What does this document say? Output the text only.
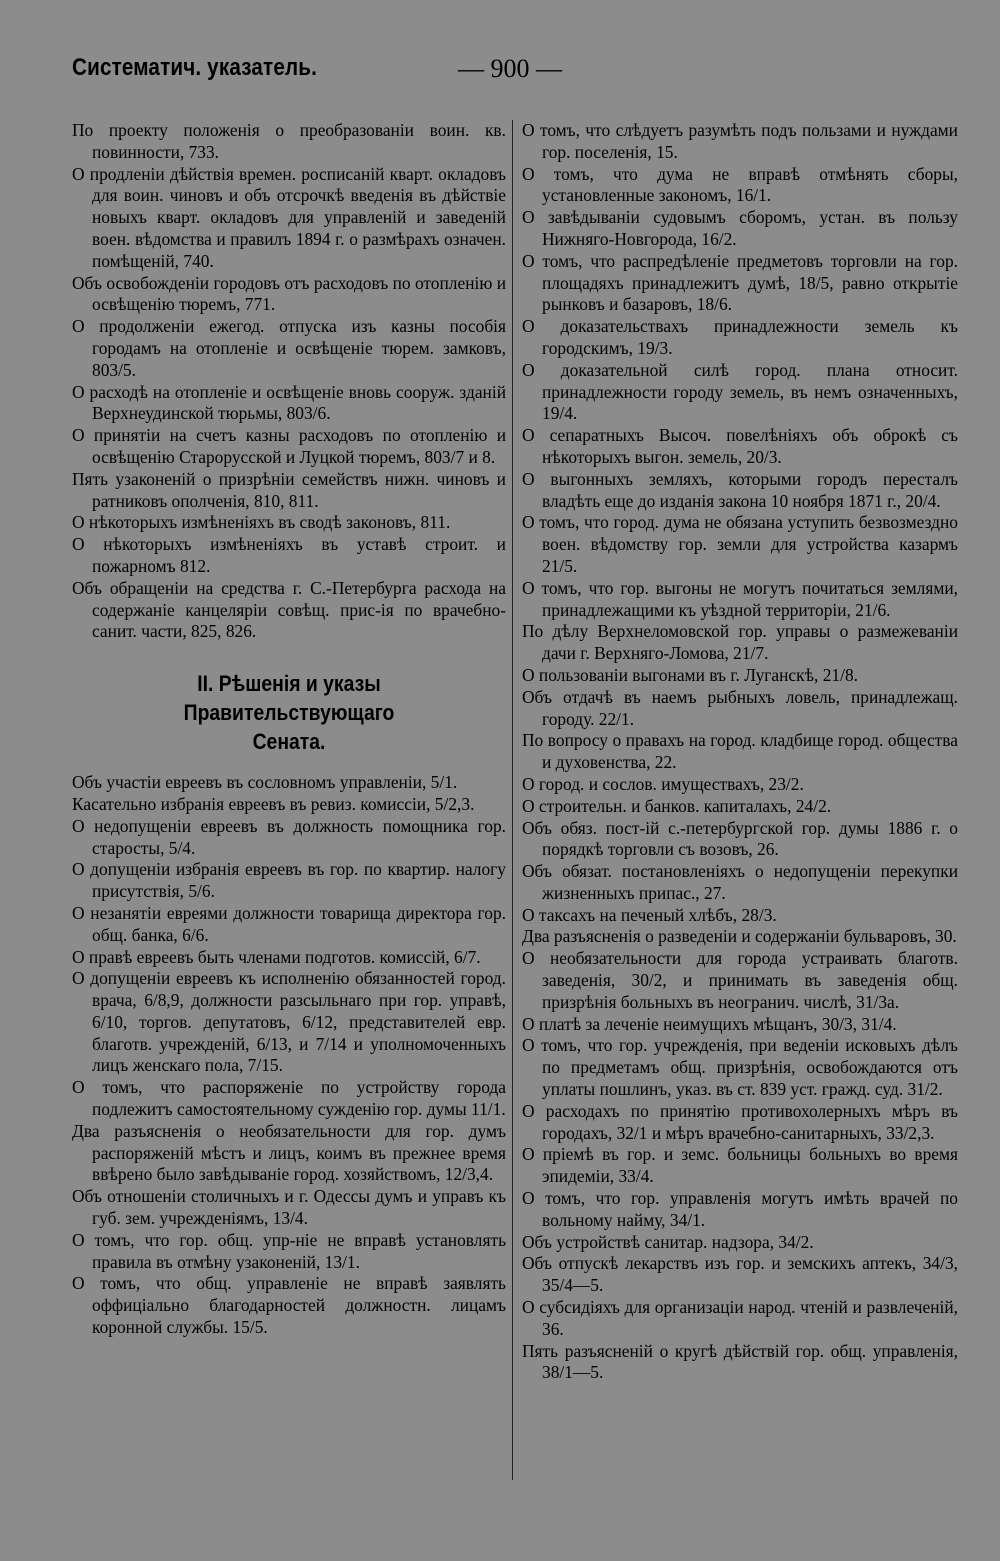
Систематич. указатель.	— 900 —

По проекту положенія о преобразованіи воин. кв. повинности, 733.

О продленіи дѣйствія времен. росписаній кварт. окладовъ для воин. чиновъ и объ отсрочкѣ введенія въ дѣйствіе новыхъ кварт. окладовъ для управленій и заведеній воен. вѣдомства и правилъ 1894 г. о размѣрахъ означен. помѣщеній, 740.

Объ освобожденіи городовъ отъ расходовъ по отопленію и освѣщенію тюремъ, 771.

О продолженіи ежегод. отпуска изъ казны пособія городамъ на отопленіе и освѣщеніе тюрем. замковъ, 803/5.

О расходѣ на отопленіе и освѣщеніе вновь сооруж. зданій Верхнеудинской тюрьмы, 803/6.

О принятіи на счетъ казны расходовъ по отопленію и освѣщенію Старорусской и Луцкой тюремъ, 803/7 и 8.

Пять узаконеній о призрѣніи семействъ нижн. чиновъ и ратниковъ ополченія, 810, 811.

О нѣкоторыхъ измѣненіяхъ въ сводѣ законовъ, 811.

О нѣкоторыхъ измѣненіяхъ въ уставѣ строит. и пожарномъ 812.

Объ обращеніи на средства г. С.-Петербурга расхода на содержаніе канцеляріи совѣщ. прис-ія по врачебно-санит. части, 825, 826.

II. Рѣшенія и указы Правительствующаго
Сената.

Объ участіи евреевъ въ сословномъ управленіи, 5/1.

Касательно избранія евреевъ въ ревиз. комиссіи, 5/2,3.

О недопущеніи евреевъ въ должность помощника гор. старосты, 5/4.

О допущеніи избранія евреевъ въ гор. по квартир. налогу присутствія, 5/6.

О незанятіи евреями должности товарища директора гор. общ. банка, 6/6.

О правѣ евреевъ быть членами подготов. комиссій, 6/7.

О допущеніи евреевъ къ исполненію обязанностей город. врача, 6/8,9, должности разсыльнаго при гор. управѣ, 6/10, торгов. депутатовъ, 6/12, представителей евр. благотв. учрежденій, 6/13, и 7/14 и уполномоченныхъ лицъ женскаго пола, 7/15.

О томъ, что распоряженіе по устройству города подлежитъ самостоятельному сужденію гор. думы 11/1.

Два разъясненія о необязательности для гор. думъ распоряженій мѣстъ и лицъ, коимъ въ прежнее время ввѣрено было завѣдываніе город. хозяйствомъ, 12/3,4.

Объ отношеніи столичныхъ и г. Одессы думъ и управъ къ губ. зем. учрежденіямъ, 13/4.

О томъ, что гор. общ. упр-ніе не вправѣ установлять правила въ отмѣну узаконеній, 13/1.

О томъ, что общ. управленіе не вправѣ заявлять оффиціально благодарностей должностн. лицамъ коронной службы. 15/5.

О томъ, что слѣдуетъ разумѣть подъ пользами и нуждами гор. поселенія, 15.

О томъ, что дума не вправѣ отмѣнять сборы, установленные закономъ, 16/1.

О завѣдываніи судовымъ сборомъ, устан. въ пользу Нижняго-Новгорода, 16/2.

О томъ, что распредѣленіе предметовъ торговли на гор. площадяхъ принадлежитъ думѣ, 18/5, равно открытіе рынковъ и базаровъ, 18/6.

О доказательствахъ принадлежности земель къ городскимъ, 19/3.

О доказательной силѣ город. плана относит. принадлежности городу земель, въ немъ означенныхъ, 19/4.

О сепаратныхъ Высоч. повелѣніяхъ объ оброкѣ съ нѣкоторыхъ выгон. земель, 20/3.

О выгонныхъ земляхъ, которыми городъ пересталъ владѣть еще до изданія закона 10 ноября 1871 г., 20/4.

О томъ, что город. дума не обязана уступить безвозмездно воен. вѣдомству гор. земли для устройства казармъ 21/5.

О томъ, что гор. выгоны не могутъ почитаться землями, принадлежащими къ уѣздной территоріи, 21/6.

По дѣлу Верхнеломовской гор. управы о размежеваніи дачи г. Верхняго-Ломова, 21/7.

О пользованіи выгонами въ г. Луганскѣ, 21/8.

Объ отдачѣ въ наемъ рыбныхъ ловель, принадлежащ. городу. 22/1.

По вопросу о правахъ на город. кладбище город. общества и духовенства, 22.

О город. и сослов. имуществахъ, 23/2.

О строительн. и банков. капиталахъ, 24/2.

Объ обяз. пост-ій с.-петербургской гор. думы 1886 г. о порядкѣ торговли съ возовъ, 26.

Объ обязат. постановленіяхъ о недопущеніи перекупки жизненныхъ припас., 27.

О таксахъ на печеный хлѣбъ, 28/3.

Два разъясненія о разведеніи и содержаніи бульваровъ, 30.

О необязательности для города устраивать благотв. заведенія, 30/2, и принимать въ заведенія общ. призрѣнія больныхъ въ неогранич. числѣ, 31/3а.

О платѣ за леченіе неимущихъ мѣщанъ, 30/3, 31/4.

О томъ, что гор. учрежденія, при веденіи исковыхъ дѣлъ по предметамъ общ. призрѣнія, освобождаются отъ уплаты пошлинъ, указ. въ ст. 839 уст. гражд. суд. 31/2.

О расходахъ по принятію противохолерныхъ мѣръ въ городахъ, 32/1 и мѣръ врачебно-санитарныхъ, 33/2,3.

О пріемѣ въ гор. и земс. больницы больныхъ во время эпидеміи, 33/4.

О томъ, что гор. управленія могутъ имѣть врачей по вольному найму, 34/1.

Объ устройствѣ санитар. надзора, 34/2.

Объ отпускѣ лекарствъ изъ гор. и земскихъ аптекъ, 34/3, 35/4—5.

О субсидіяхъ для организаціи народ. чтеній и развлеченій, 36.

Пять разъясненій о кругѣ дѣйствій гор. общ. управленія, 38/1—5.
